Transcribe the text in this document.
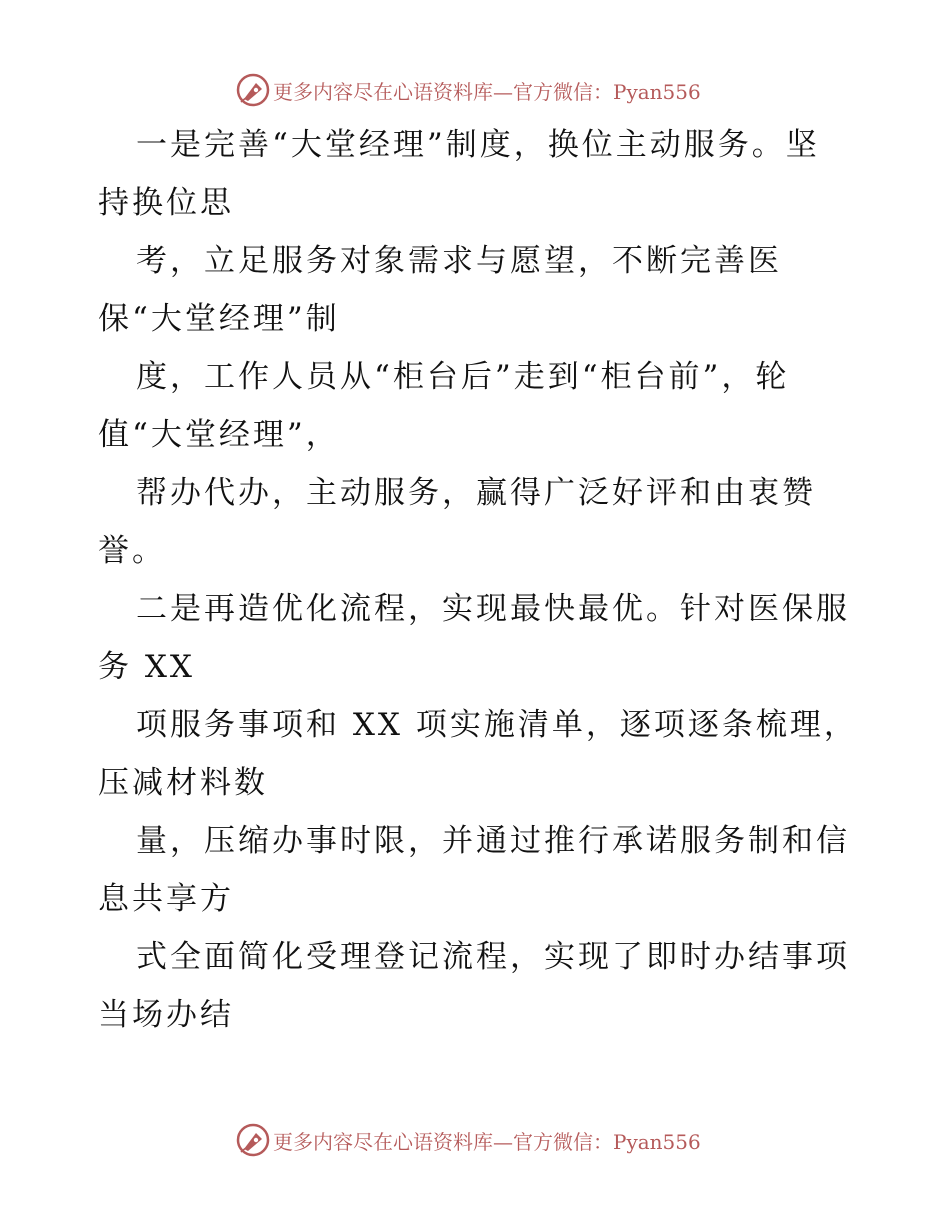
更多内容尽在心语资料库—官方微信：Pyan556
一是完善“大堂经理”制度，换位主动服务。坚
持换位思
考，立足服务对象需求与愿望，不断完善医
保“大堂经理”制
度，工作人员从“柜台后”走到“柜台前”，轮
值“大堂经理”，
帮办代办，主动服务，赢得广泛好评和由衷赞
誉。
二是再造优化流程，实现最快最优。针对医保服
务 XX
项服务事项和 XX 项实施清单，逐项逐条梳理，
压减材料数
量，压缩办事时限，并通过推行承诺服务制和信
息共享方
式全面简化受理登记流程，实现了即时办结事项
当场办结
更多内容尽在心语资料库—官方微信：Pyan556
